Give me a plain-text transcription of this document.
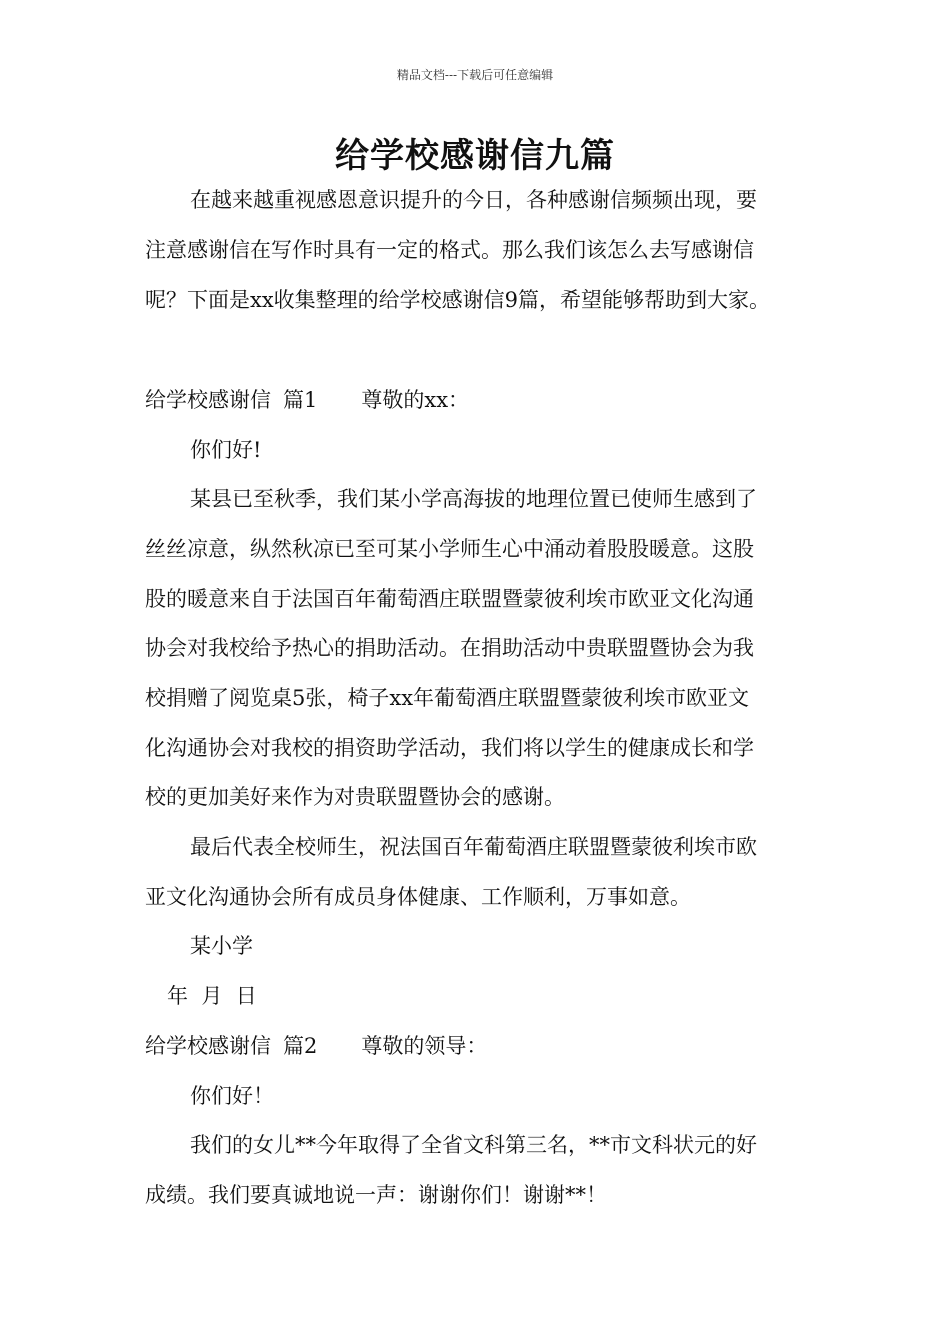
精品文档---下载后可任意编辑
给学校感谢信九篇
在越来越重视感恩意识提升的今日，各种感谢信频频出现，要
注意感谢信在写作时具有一定的格式。那么我们该怎么去写感谢信
呢？下面是xx收集整理的给学校感谢信9篇，希望能够帮助到大家。
给学校感谢信 篇1 尊敬的xx：
你们好!
某县已至秋季，我们某小学高海拔的地理位置已使师生感到了
丝丝凉意，纵然秋凉已至可某小学师生心中涌动着股股暖意。这股
股的暖意来自于法国百年葡萄酒庄联盟暨蒙彼利埃市欧亚文化沟通
协会对我校给予热心的捐助活动。在捐助活动中贵联盟暨协会为我
校捐赠了阅览桌5张，椅子xx年葡萄酒庄联盟暨蒙彼利埃市欧亚文
化沟通协会对我校的捐资助学活动，我们将以学生的健康成长和学
校的更加美好来作为对贵联盟暨协会的感谢。
最后代表全校师生，祝法国百年葡萄酒庄联盟暨蒙彼利埃市欧
亚文化沟通协会所有成员身体健康、工作顺利，万事如意。
某小学
年  月  日
给学校感谢信 篇2 尊敬的领导：
你们好！
我们的女儿**今年取得了全省文科第三名，**市文科状元的好
成绩。我们要真诚地说一声：谢谢你们！谢谢**！
